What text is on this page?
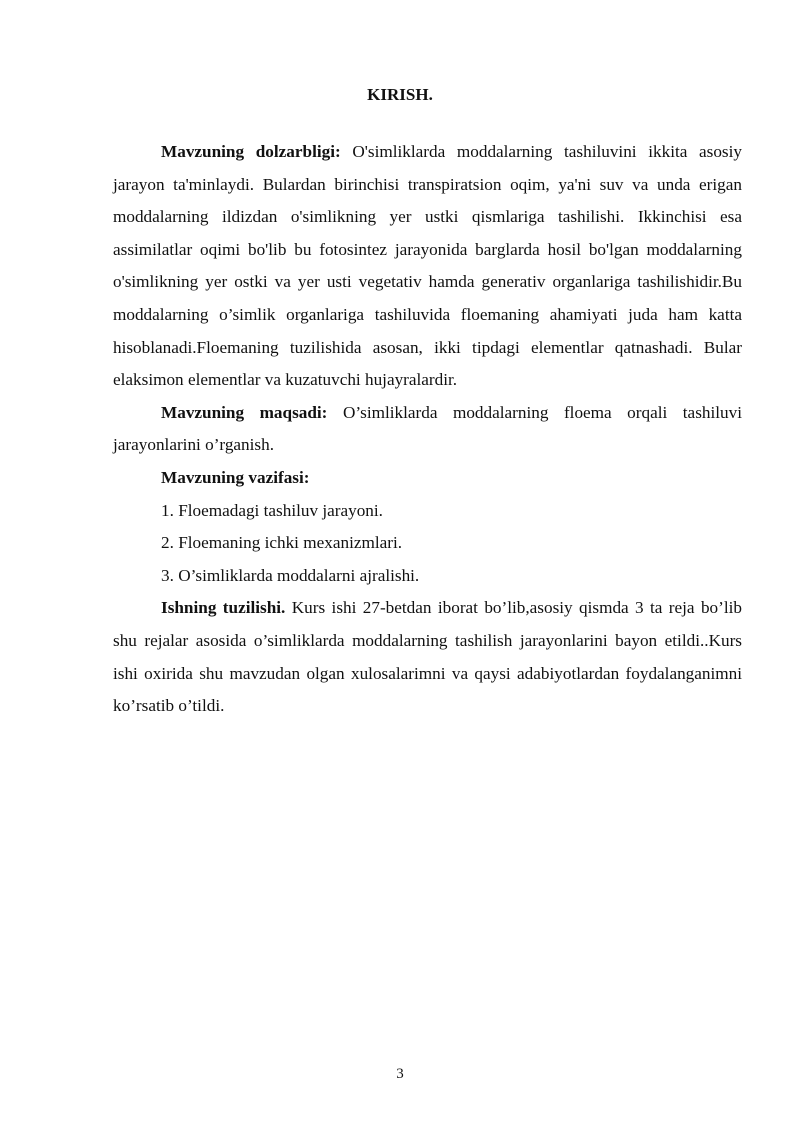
KIRISH.

Mavzuning dolzarbligi: O'simliklarda moddalarning tashiluvini ikkita asosiy jarayon ta'minlaydi. Bulardan birinchisi transpiratsion oqim, ya'ni suv va unda erigan moddalarning ildizdan o'simlikning yer ustki qismlariga tashilishi. Ikkinchisi esa assimilatlar oqimi bo'lib bu fotosintez jarayonida barglarda hosil bo'lgan moddalarning o'simlikning yer ostki va yer usti vegetativ hamda generativ organlariga tashilishidir.Bu moddalarning o’simlik organlariga tashiluvida floemaning ahamiyati juda ham katta hisoblanadi.Floemaning tuzilishida asosan, ikki tipdagi elementlar qatnashadi. Bular elaksimon elementlar va kuzatuvchi hujayralardir.

Mavzuning maqsadi: O’simliklarda moddalarning floema orqali tashiluvi jarayonlarini o’rganish.

Mavzuning vazifasi:

1. Floemadagi tashiluv jarayoni.

2. Floemaning ichki mexanizmlari.

3. O’simliklarda moddalarni ajralishi.

Ishning tuzilishi. Kurs ishi 27-betdan iborat bo’lib,asosiy qismda 3 ta reja bo’lib shu rejalar asosida o’simliklarda moddalarning tashilish jarayonlarini bayon etildi..Kurs ishi oxirida shu mavzudan olgan xulosalarimni va qaysi adabiyotlardan foydalanganimni ko’rsatib o’tildi.

3
